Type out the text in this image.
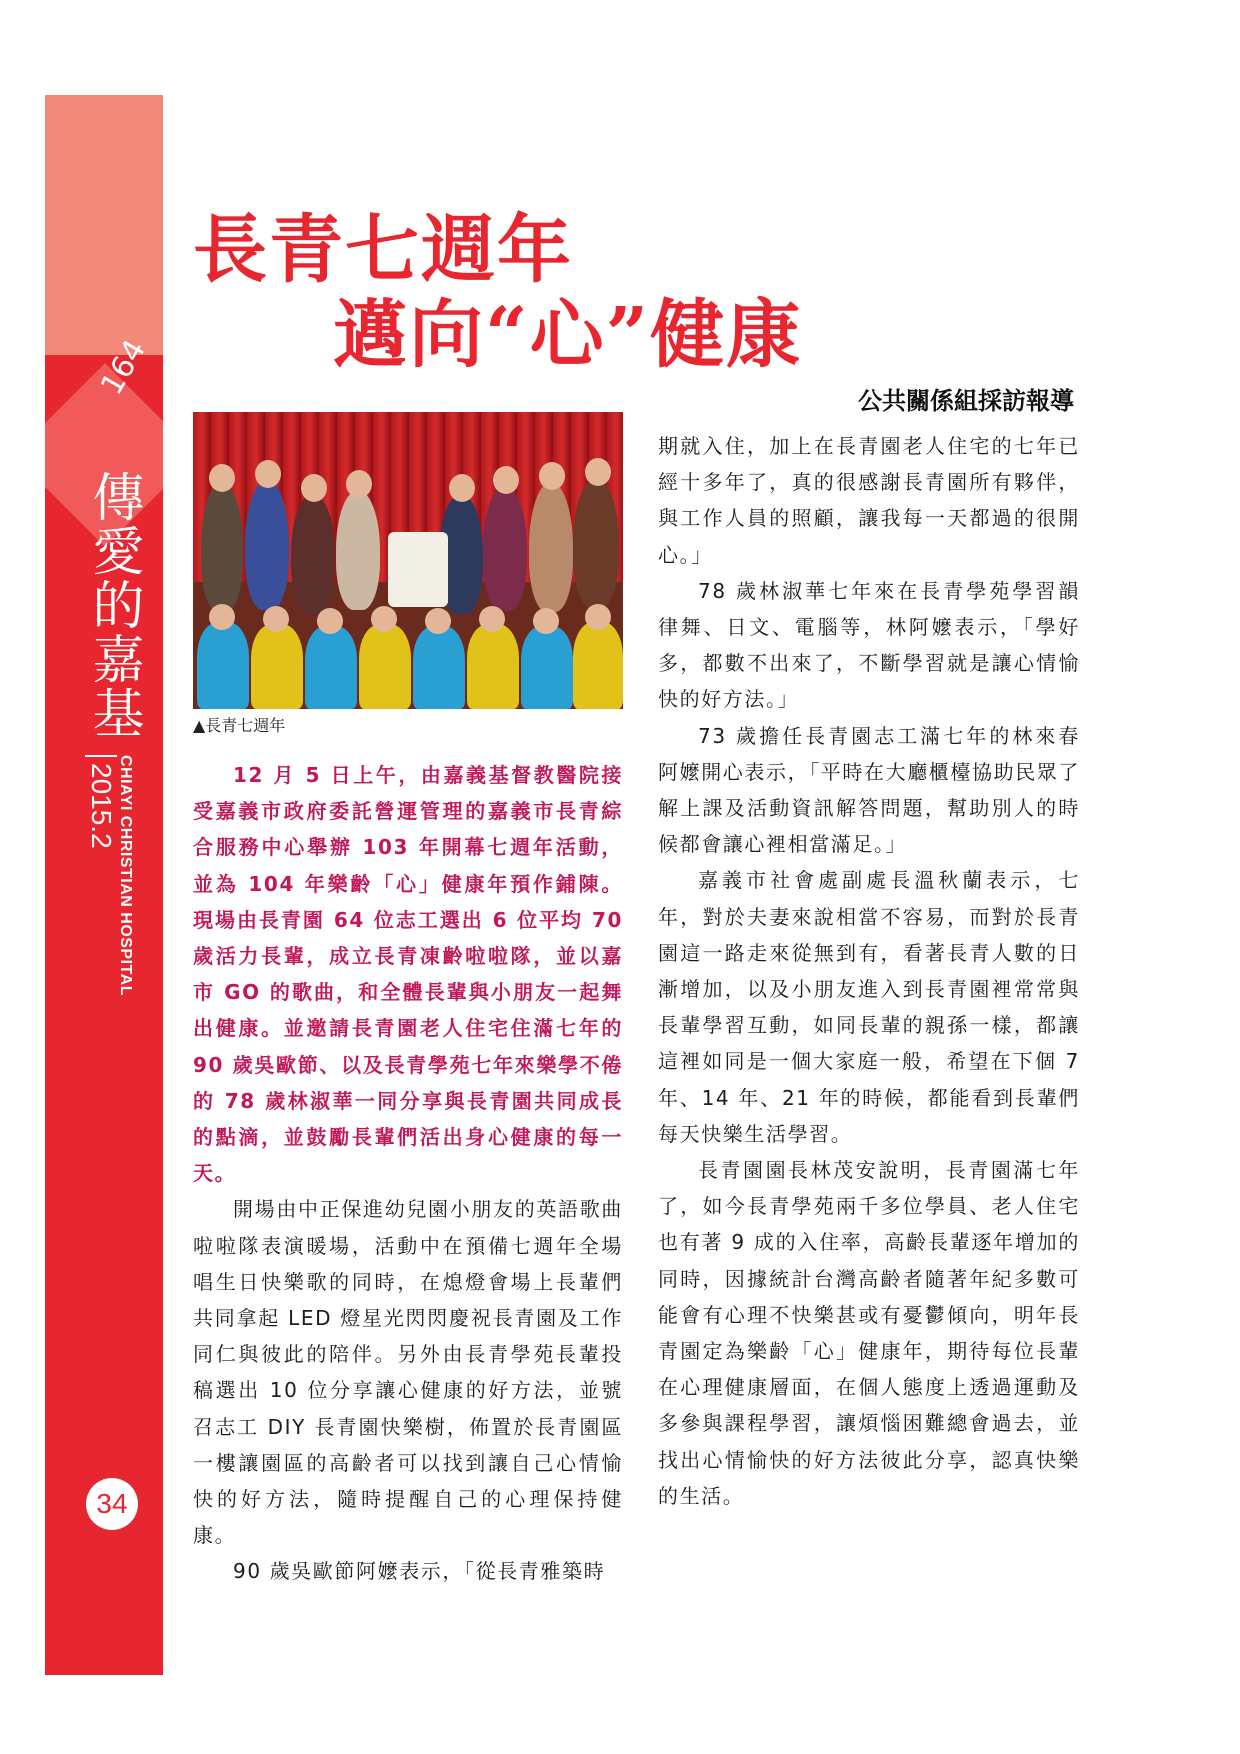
164
傳愛的嘉基
2015.2 CHIAYI CHRISTIAN HOSPITAL
34
長青七週年
邁向“心”健康
公共關係組採訪報導
▲長青七週年

12 月 5 日上午，由嘉義基督教醫院接受嘉義市政府委託營運管理的嘉義市長青綜合服務中心舉辦 103 年開幕七週年活動，並為 104 年樂齡「心」健康年預作鋪陳。現場由長青園 64 位志工選出 6 位平均 70 歲活力長輩，成立長青凍齡啦啦隊，並以嘉市 GO 的歌曲，和全體長輩與小朋友一起舞出健康。並邀請長青園老人住宅住滿七年的 90 歲吳歐節、以及長青學苑七年來樂學不倦的 78 歲林淑華一同分享與長青園共同成長的點滴，並鼓勵長輩們活出身心健康的每一天。

開場由中正保進幼兒園小朋友的英語歌曲啦啦隊表演暖場，活動中在預備七週年全場唱生日快樂歌的同時，在熄燈會場上長輩們共同拿起 LED 燈星光閃閃慶祝長青園及工作同仁與彼此的陪伴。另外由長青學苑長輩投稿選出 10 位分享讓心健康的好方法，並號召志工 DIY 長青園快樂樹，佈置於長青園區一樓讓園區的高齡者可以找到讓自己心情愉快的好方法，隨時提醒自己的心理保持健康。

90 歲吳歐節阿嬤表示，「從長青雅築時

期就入住，加上在長青園老人住宅的七年已經十多年了，真的很感謝長青園所有夥伴，與工作人員的照顧，讓我每一天都過的很開心。」

78 歲林淑華七年來在長青學苑學習韻律舞、日文、電腦等，林阿嬤表示，「學好多，都數不出來了，不斷學習就是讓心情愉快的好方法。」

73 歲擔任長青園志工滿七年的林來春阿嬤開心表示，「平時在大廳櫃檯協助民眾了解上課及活動資訊解答問題，幫助別人的時候都會讓心裡相當滿足。」

嘉義市社會處副處長溫秋蘭表示，七年，對於夫妻來說相當不容易，而對於長青園這一路走來從無到有，看著長青人數的日漸增加，以及小朋友進入到長青園裡常常與長輩學習互動，如同長輩的親孫一樣，都讓這裡如同是一個大家庭一般，希望在下個 7 年、14 年、21 年的時候，都能看到長輩們每天快樂生活學習。

長青園園長林茂安說明，長青園滿七年了，如今長青學苑兩千多位學員、老人住宅也有著 9 成的入住率，高齡長輩逐年增加的同時，因據統計台灣高齡者隨著年紀多數可能會有心理不快樂甚或有憂鬱傾向，明年長青園定為樂齡「心」健康年，期待每位長輩在心理健康層面，在個人態度上透過運動及多參與課程學習，讓煩惱困難總會過去，並找出心情愉快的好方法彼此分享，認真快樂的生活。
